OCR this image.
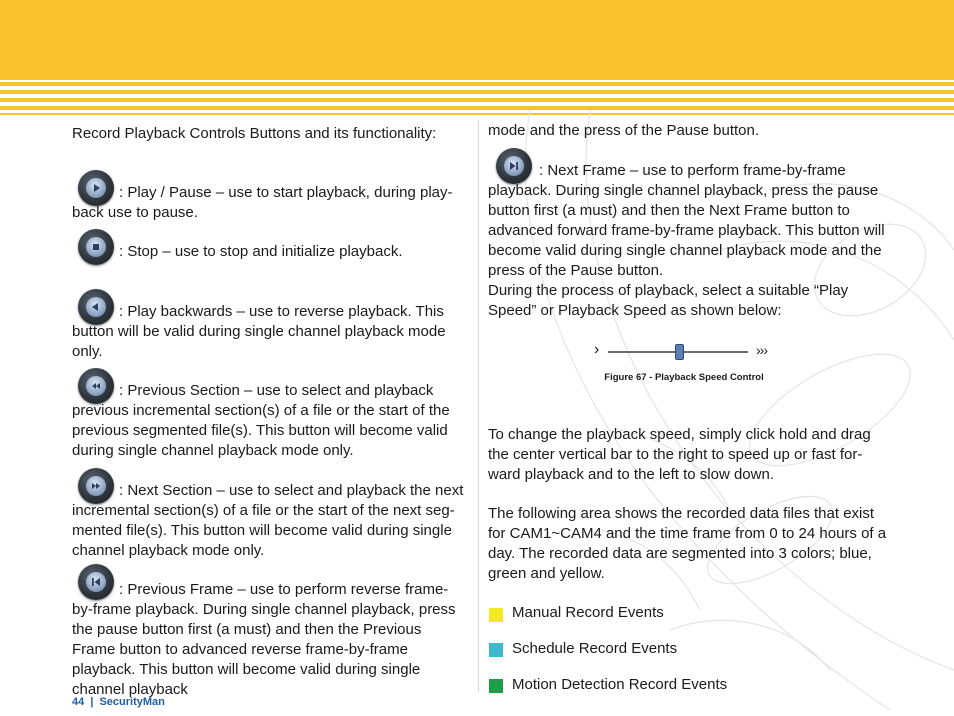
Record Playback Controls Buttons and its functionality:

: Play / Pause – use to start playback, during play-back use to pause.

: Stop – use to stop and initialize playback.

: Play backwards – use to reverse playback. This button will be valid during single channel playback mode only.

: Previous Section – use to select and playback previous incremental section(s) of a file or the start of the previous segmented file(s). This button will become valid during single channel playback mode only.

: Next Section – use to select and playback the next incremental section(s) of a file or the start of the next seg-mented file(s). This button will become valid during single channel playback mode only.

: Previous Frame – use to perform reverse frame-by-frame playback. During single channel playback, press the pause button first (a must) and then the Previous Frame button to advanced reverse frame-by-frame playback. This button will become valid during single channel playback

mode and the press of the Pause button.

: Next Frame – use to perform frame-by-frame playback. During single channel playback, press the pause button first (a must) and then the Next Frame button to advanced forward frame-by-frame playback. This button will become valid during single channel playback mode and the press of the Pause button.

During the process of playback, select a suitable “Play Speed” or Playback Speed as shown below:

›	›››
Figure 67 - Playback Speed Control

To change the playback speed, simply click hold and drag the center vertical bar to the right to speed up or fast for-ward playback and to the left to slow down.

The following area shows the recorded data files that exist for CAM1~CAM4 and the time frame from 0 to 24 hours of a day. The recorded data are segmented into 3 colors; blue, green and yellow.

Manual Record Events
Schedule Record Events
Motion Detection Record Events
44 | SecurityMan
